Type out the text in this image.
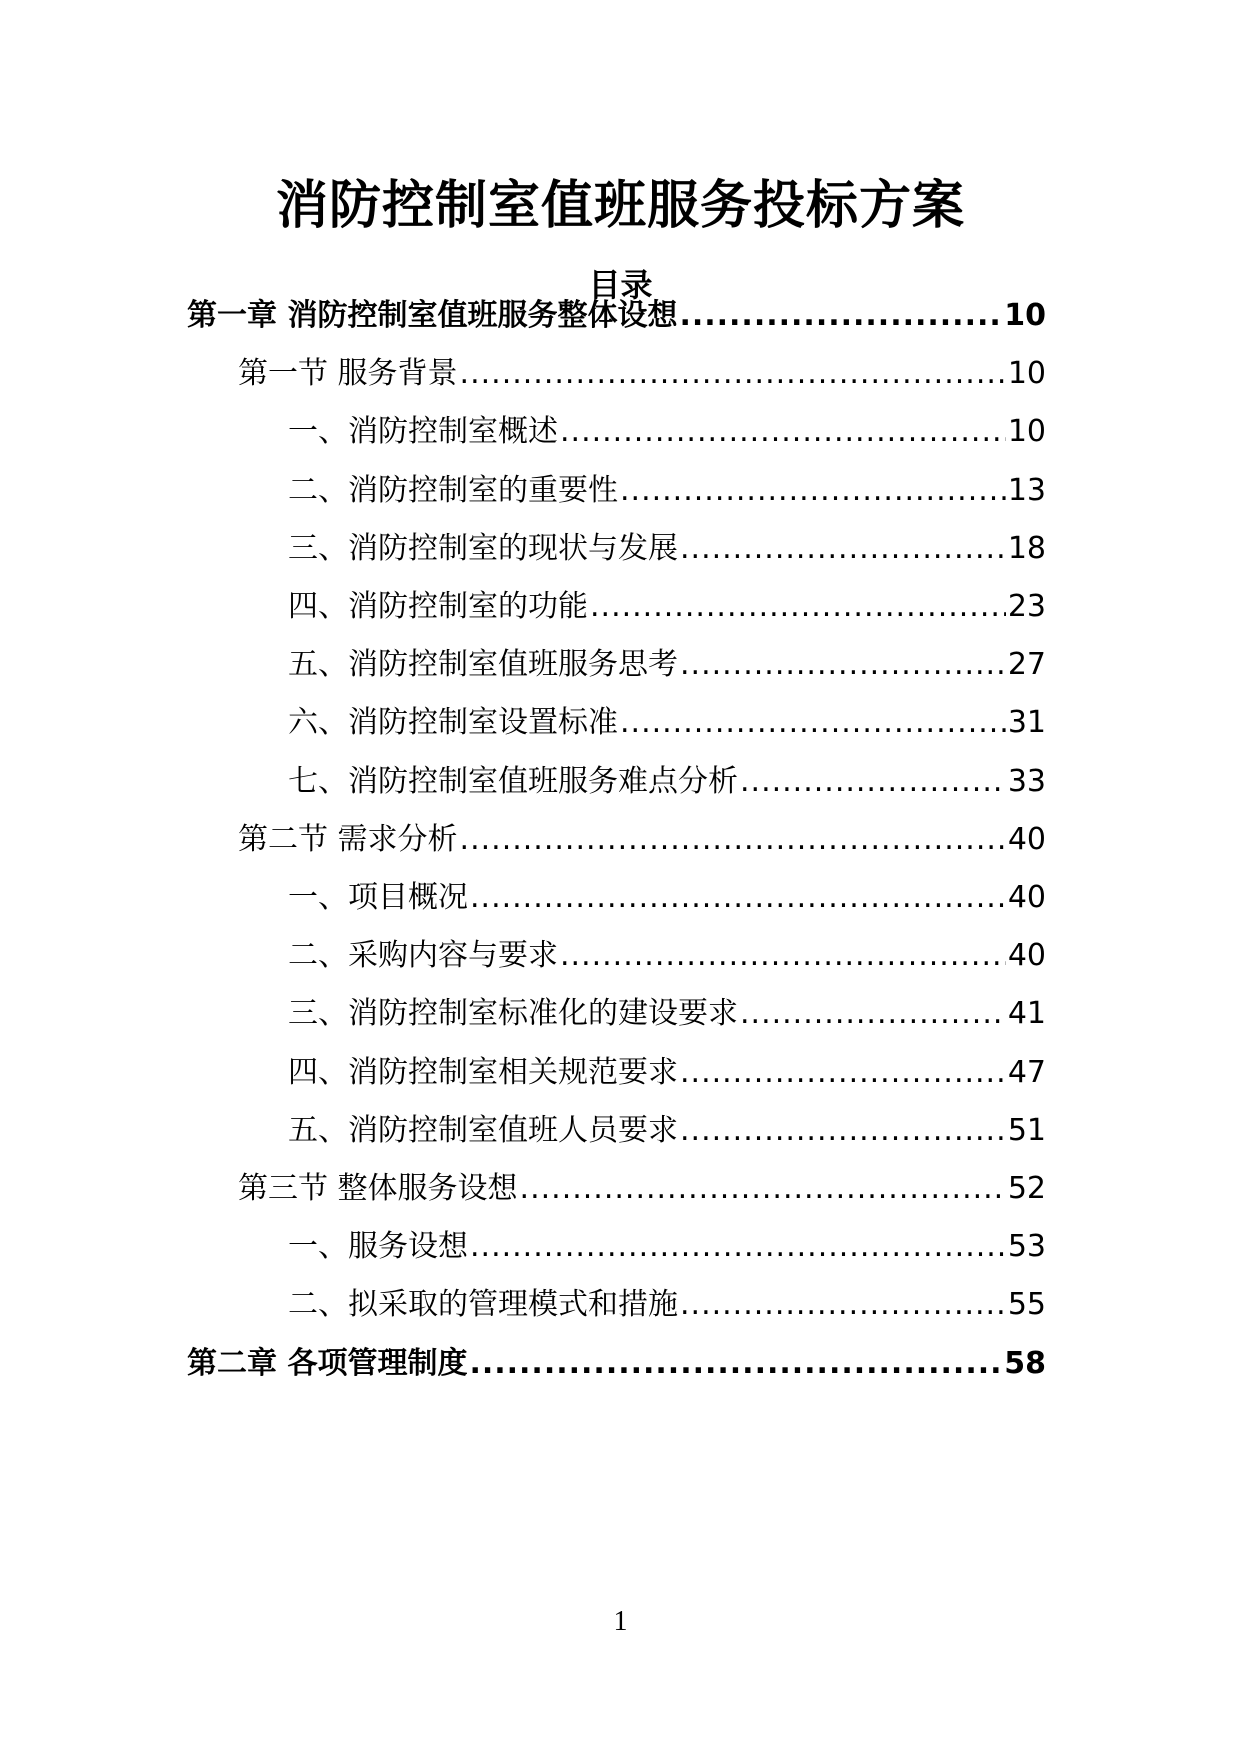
消防控制室值班服务投标方案
目录
第一章 消防控制室值班服务整体设想 .....	10
第一节 服务背景 .....	10
一、消防控制室概述 .....	10
二、消防控制室的重要性 .....	13
三、消防控制室的现状与发展 .....	18
四、消防控制室的功能 .....	23
五、消防控制室值班服务思考 .....	27
六、消防控制室设置标准 .....	31
七、消防控制室值班服务难点分析 .....	33
第二节 需求分析 .....	40
一、项目概况 .....	40
二、采购内容与要求 .....	40
三、消防控制室标准化的建设要求 .....	41
四、消防控制室相关规范要求 .....	47
五、消防控制室值班人员要求 .....	51
第三节 整体服务设想 .....	52
一、服务设想 .....	53
二、拟采取的管理模式和措施 .....	55
第二章 各项管理制度 .....	58
1
